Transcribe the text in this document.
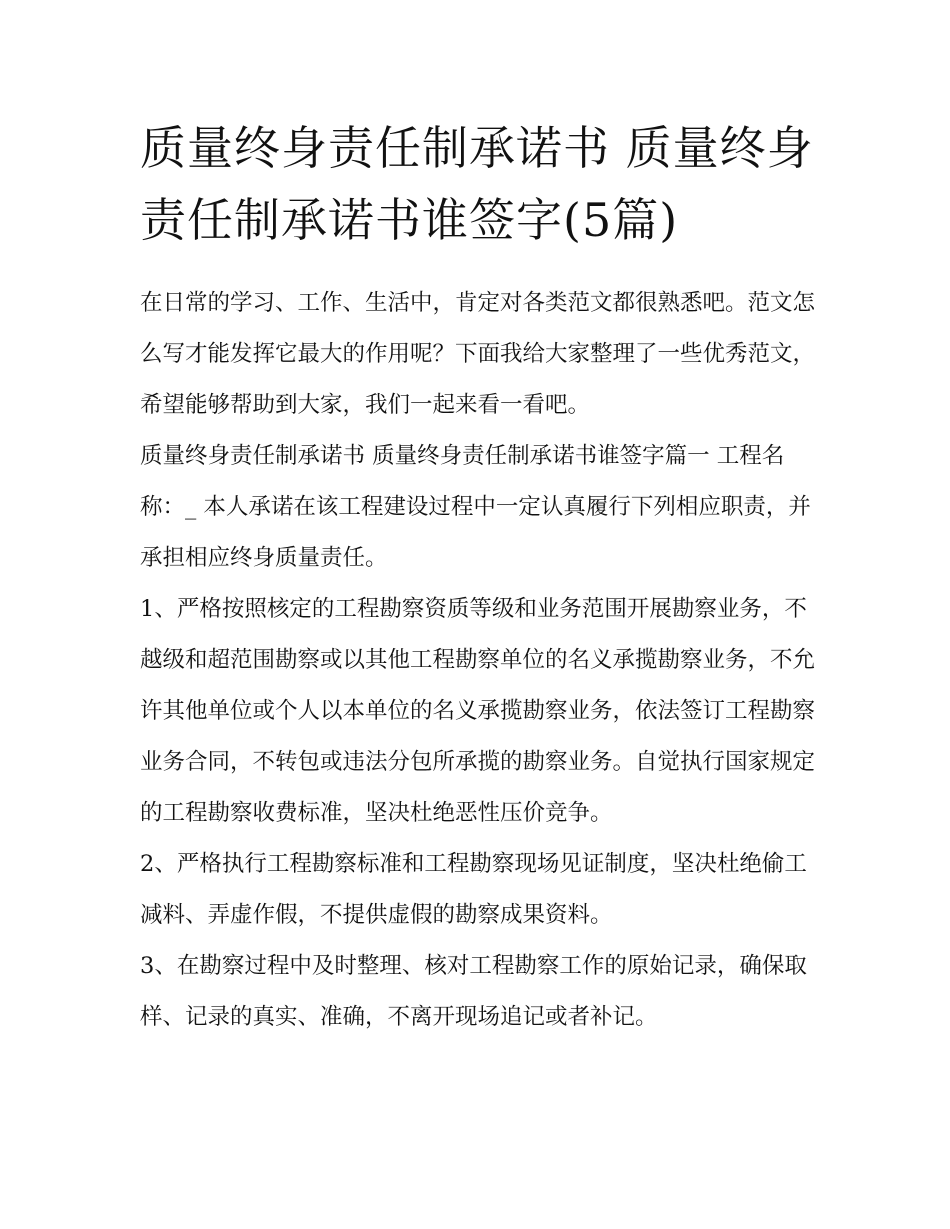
质量终身责任制承诺书 质量终身责任制承诺书谁签字(5篇)

在日常的学习、工作、生活中，肯定对各类范文都很熟悉吧。范文怎么写才能发挥它最大的作用呢？下面我给大家整理了一些优秀范文，希望能够帮助到大家，我们一起来看一看吧。

质量终身责任制承诺书 质量终身责任制承诺书谁签字篇一 工程名称：_ 本人承诺在该工程建设过程中一定认真履行下列相应职责，并承担相应终身质量责任。

1、严格按照核定的工程勘察资质等级和业务范围开展勘察业务，不越级和超范围勘察或以其他工程勘察单位的名义承揽勘察业务，不允许其他单位或个人以本单位的名义承揽勘察业务，依法签订工程勘察业务合同，不转包或违法分包所承揽的勘察业务。自觉执行国家规定的工程勘察收费标准，坚决杜绝恶性压价竞争。

2、严格执行工程勘察标准和工程勘察现场见证制度，坚决杜绝偷工减料、弄虚作假，不提供虚假的勘察成果资料。

3、在勘察过程中及时整理、核对工程勘察工作的原始记录，确保取样、记录的真实、准确，不离开现场追记或者补记。
